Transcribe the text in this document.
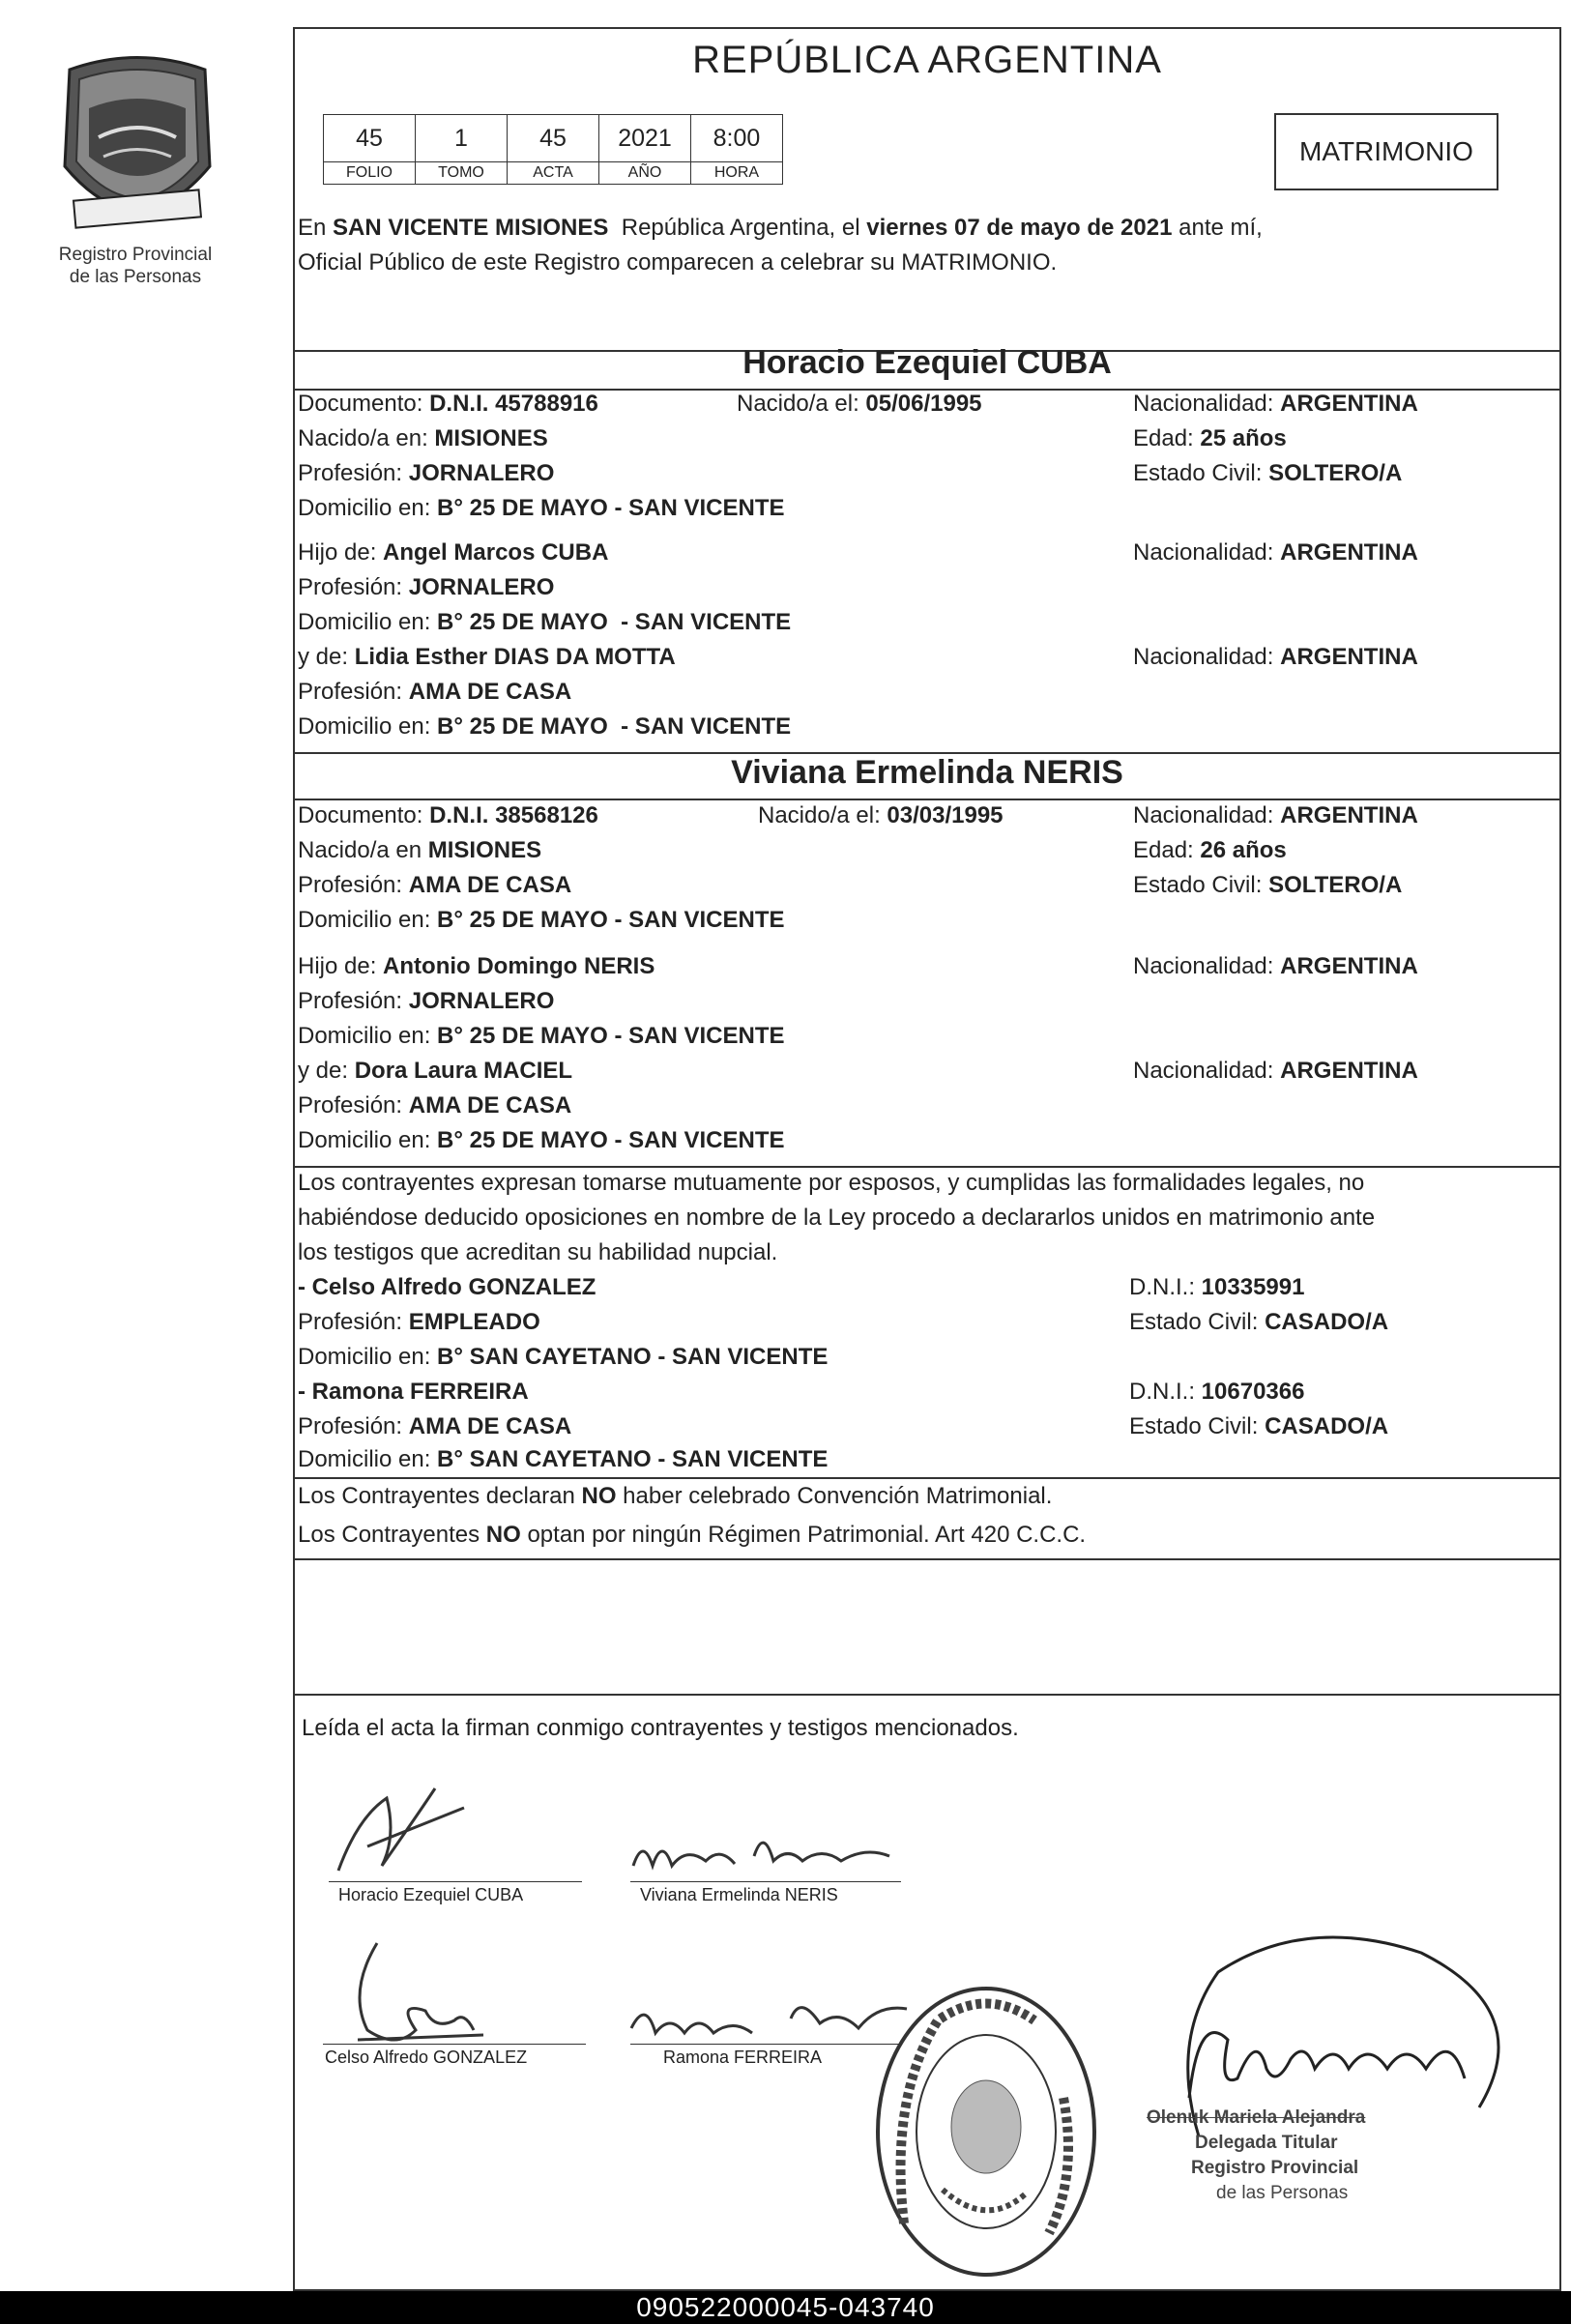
Registro Provincial
de las Personas
REPÚBLICA ARGENTINA
45	1	45	2021	8:00
FOLIO	TOMO	ACTA	AÑO	HORA
MATRIMONIO
En SAN VICENTE MISIONES  República Argentina, el viernes 07 de mayo de 2021 ante mí,
Oficial Público de este Registro comparecen a celebrar su MATRIMONIO.
Horacio Ezequiel CUBA
Documento: D.N.I. 45788916	Nacido/a el: 05/06/1995	Nacionalidad: ARGENTINA
Nacido/a en: MISIONES	Edad: 25 años
Profesión: JORNALERO	Estado Civil: SOLTERO/A
Domicilio en: B° 25 DE MAYO - SAN VICENTE
Hijo de: Angel Marcos CUBA	Nacionalidad: ARGENTINA
Profesión: JORNALERO
Domicilio en: B° 25 DE MAYO  - SAN VICENTE
y de: Lidia Esther DIAS DA MOTTA	Nacionalidad: ARGENTINA
Profesión: AMA DE CASA
Domicilio en: B° 25 DE MAYO  - SAN VICENTE
Viviana Ermelinda NERIS
Documento: D.N.I. 38568126	Nacido/a el: 03/03/1995	Nacionalidad: ARGENTINA
Nacido/a en MISIONES	Edad: 26 años
Profesión: AMA DE CASA	Estado Civil: SOLTERO/A
Domicilio en: B° 25 DE MAYO - SAN VICENTE
Hijo de: Antonio Domingo NERIS	Nacionalidad: ARGENTINA
Profesión: JORNALERO
Domicilio en: B° 25 DE MAYO - SAN VICENTE
y de: Dora Laura MACIEL	Nacionalidad: ARGENTINA
Profesión: AMA DE CASA
Domicilio en: B° 25 DE MAYO - SAN VICENTE
Los contrayentes expresan tomarse mutuamente por esposos, y cumplidas las formalidades legales, no
habiéndose deducido oposiciones en nombre de la Ley procedo a declararlos unidos en matrimonio ante
los testigos que acreditan su habilidad nupcial.
- Celso Alfredo GONZALEZ	D.N.I.: 10335991
Profesión: EMPLEADO	Estado Civil: CASADO/A
Domicilio en: B° SAN CAYETANO - SAN VICENTE
- Ramona FERREIRA	D.N.I.: 10670366
Profesión: AMA DE CASA	Estado Civil: CASADO/A
Domicilio en: B° SAN CAYETANO - SAN VICENTE
Los Contrayentes declaran NO haber celebrado Convención Matrimonial.
Los Contrayentes NO optan por ningún Régimen Patrimonial. Art 420 C.C.C.
Leída el acta la firman conmigo contrayentes y testigos mencionados.
Horacio Ezequiel CUBA	Viviana Ermelinda NERIS
Celso Alfredo GONZALEZ	Ramona FERREIRA
Olenuk Mariela Alejandra
Delegada Titular
Registro Provincial
de las Personas
090522000045-043740
